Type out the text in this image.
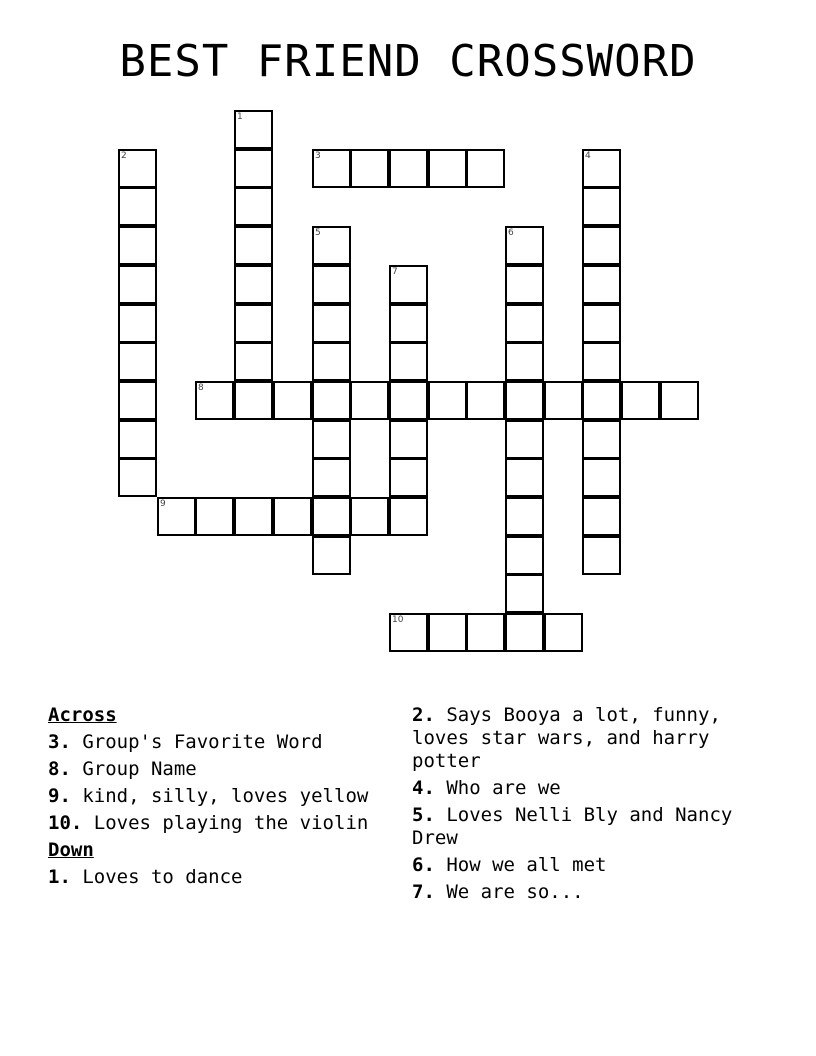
BEST FRIEND CROSSWORD
1
2	3	4
5	6
7
8
9
10
Across
3. Group's Favorite Word
8. Group Name
9. kind, silly, loves yellow
10. Loves playing the violin
Down
1. Loves to dance
2. Says Booya a lot, funny, loves star wars, and harry potter
4. Who are we
5. Loves Nelli Bly and Nancy Drew
6. How we all met
7. We are so...
